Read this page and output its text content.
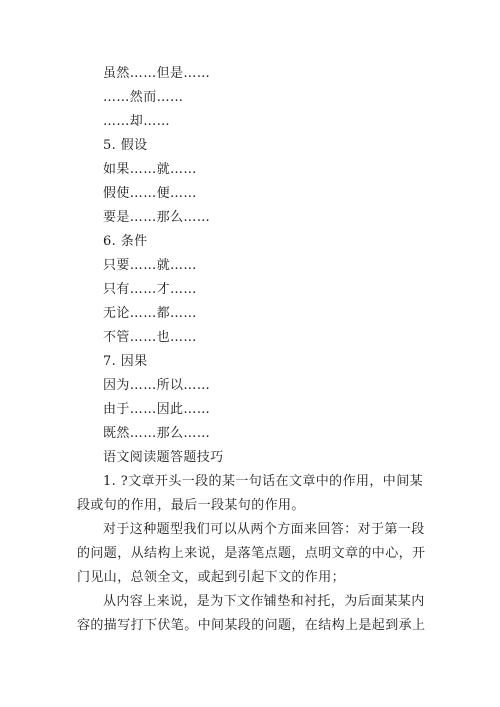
虽然……但是……
……然而……
……却……
5. 假设
如果……就……
假使……便……
要是……那么……
6. 条件
只要……就……
只有……才……
无论……都……
不管……也……
7. 因果
因为……所以……
由于……因此……
既然……那么……
语文阅读题答题技巧
1. ?文章开头一段的某一句话在文章中的作用，中间某
段或句的作用，最后一段某句的作用。
对于这种题型我们可以从两个方面来回答：对于第一段
的问题，从结构上来说，是落笔点题，点明文章的中心，开
门见山，总领全文，或起到引起下文的作用；
从内容上来说，是为下文作铺垫和衬托，为后面某某内
容的描写打下伏笔。中间某段的问题，在结构上是起到承上
